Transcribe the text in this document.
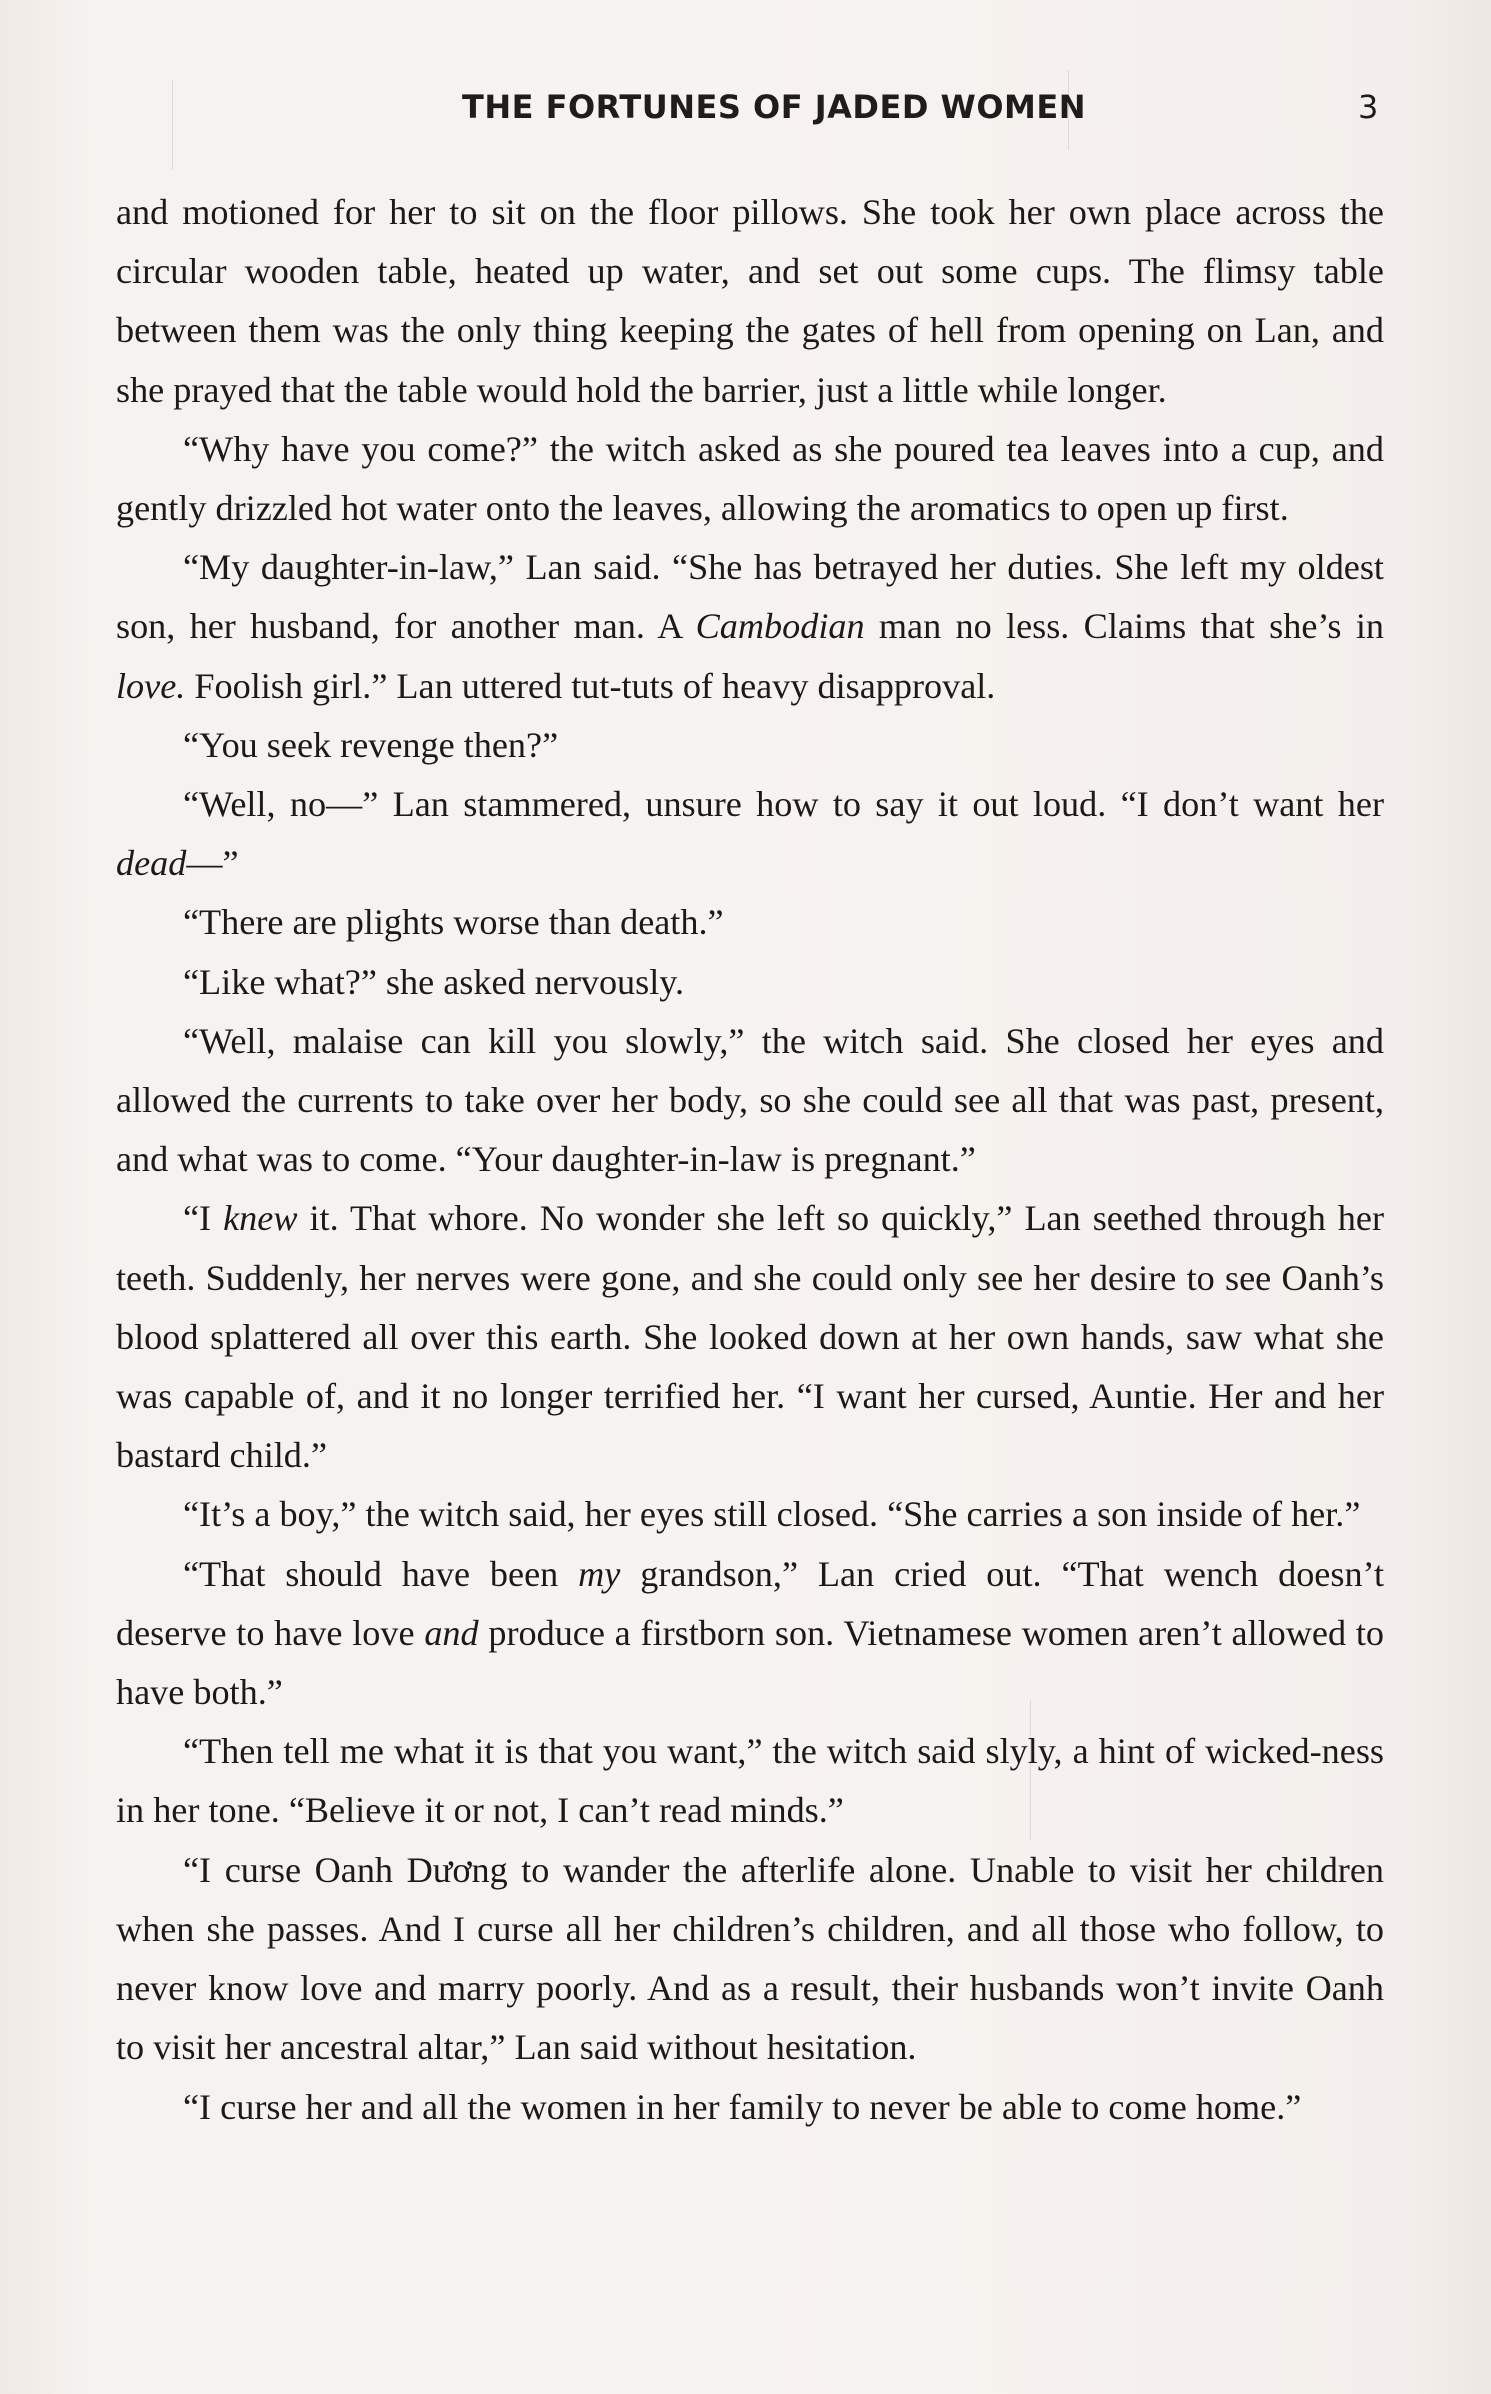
THE FORTUNES OF JADED WOMEN	3

and motioned for her to sit on the floor pillows. She took her own place across the circular wooden table, heated up water, and set out some cups. The flimsy table between them was the only thing keeping the gates of hell from opening on Lan, and she prayed that the table would hold the barrier, just a little while longer.

“Why have you come?” the witch asked as she poured tea leaves into a cup, and gently drizzled hot water onto the leaves, allowing the aromatics to open up first.

“My daughter-in-law,” Lan said. “She has betrayed her duties. She left my oldest son, her husband, for another man. A Cambodian man no less. Claims that she’s in love. Foolish girl.” Lan uttered tut-tuts of heavy disapproval.

“You seek revenge then?”

“Well, no—” Lan stammered, unsure how to say it out loud. “I don’t want her dead—”

“There are plights worse than death.”

“Like what?” she asked nervously.

“Well, malaise can kill you slowly,” the witch said. She closed her eyes and allowed the currents to take over her body, so she could see all that was past, present, and what was to come. “Your daughter-in-law is pregnant.”

“I knew it. That whore. No wonder she left so quickly,” Lan seethed through her teeth. Suddenly, her nerves were gone, and she could only see her desire to see Oanh’s blood splattered all over this earth. She looked down at her own hands, saw what she was capable of, and it no longer terrified her. “I want her cursed, Auntie. Her and her bastard child.”

“It’s a boy,” the witch said, her eyes still closed. “She carries a son inside of her.”

“That should have been my grandson,” Lan cried out. “That wench doesn’t deserve to have love and produce a firstborn son. Vietnamese women aren’t allowed to have both.”

“Then tell me what it is that you want,” the witch said slyly, a hint of wicked-ness in her tone. “Believe it or not, I can’t read minds.”

“I curse Oanh Dương to wander the afterlife alone. Unable to visit her children when she passes. And I curse all her children’s children, and all those who follow, to never know love and marry poorly. And as a result, their husbands won’t invite Oanh to visit her ancestral altar,” Lan said without hesitation.

“I curse her and all the women in her family to never be able to come home.”
